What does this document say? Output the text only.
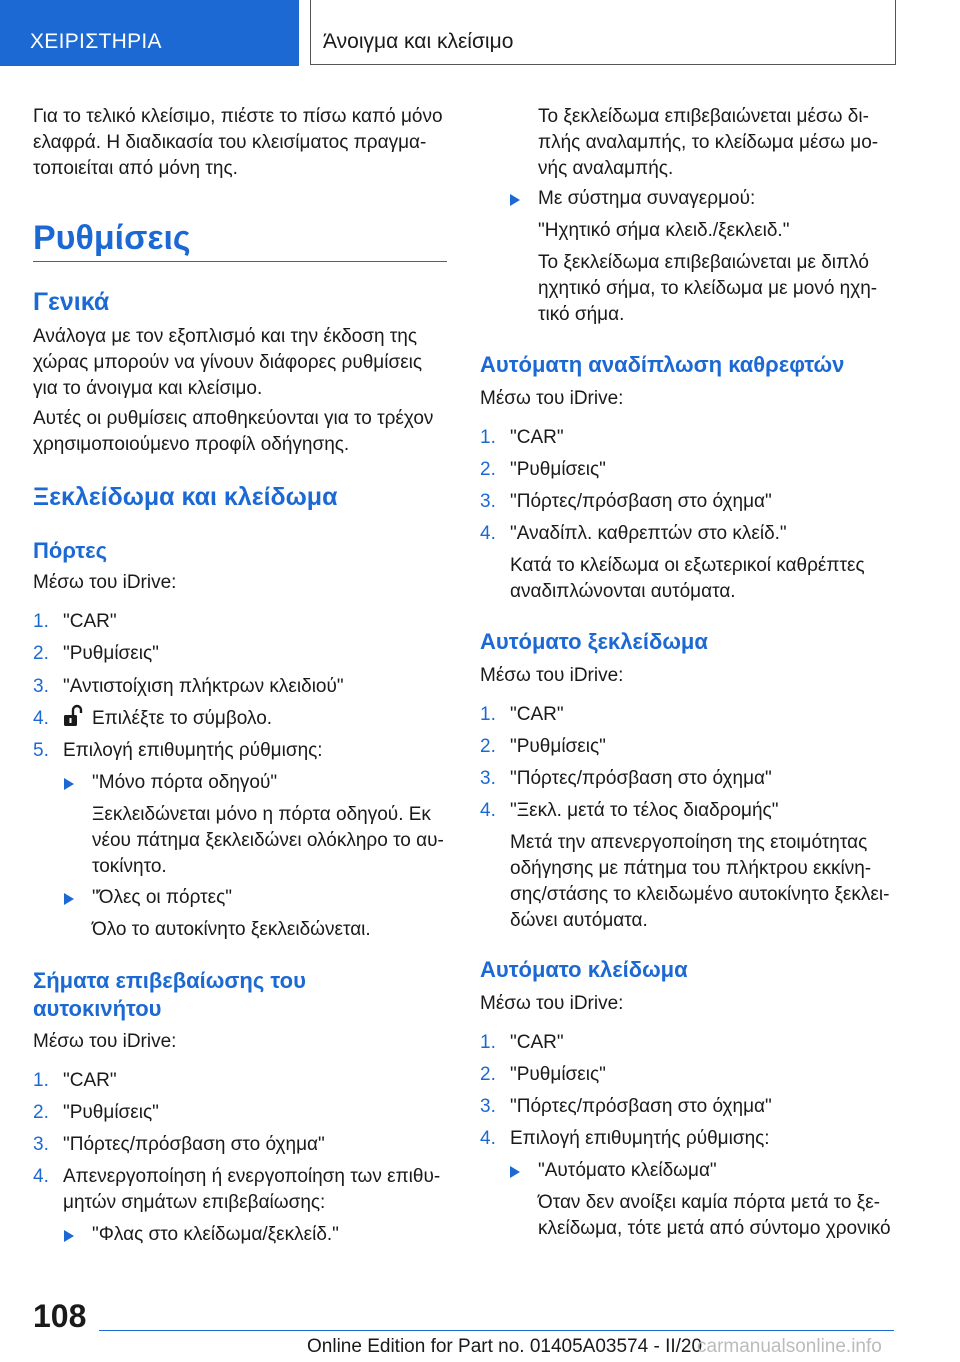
ΧΕΙΡΙΣΤΗΡΙΑ	Άνοιγμα και κλείσιμο

Για το τελικό κλείσιμο, πιέστε το πίσω καπό μόνο

ελαφρά. Η διαδικασία του κλεισίματος πραγμα-

τοποιείται από μόνη της.

Ρυθμίσεις
Γενικά

Ανάλογα με τον εξοπλισμό και την έκδοση της

χώρας μπορούν να γίνουν διάφορες ρυθμίσεις

για το άνοιγμα και κλείσιμο.

Αυτές οι ρυθμίσεις αποθηκεύονται για το τρέχον

χρησιμοποιούμενο προφίλ οδήγησης.

Ξεκλείδωμα και κλείδωμα
Πόρτες

Μέσω του iDrive:

1. "CAR"

2. "Ρυθμίσεις"

3. "Αντιστοίχιση πλήκτρων κλειδιού"

4. Επιλέξτε το σύμβολο.

5. Επιλογή επιθυμητής ρύθμισης:

"Μόνο πόρτα οδηγού"

Ξεκλειδώνεται μόνο η πόρτα οδηγού. Εκ

νέου πάτημα ξεκλειδώνει ολόκληρο το αυ-

τοκίνητο.

"Όλες οι πόρτες"

Όλο το αυτοκίνητο ξεκλειδώνεται.

Σήματα επιβεβαίωσης του
αυτοκινήτου

Μέσω του iDrive:

1. "CAR"

2. "Ρυθμίσεις"

3. "Πόρτες/πρόσβαση στο όχημα"

4. Απενεργοποίηση ή ενεργοποίηση των επιθυ-

μητών σημάτων επιβεβαίωσης:

"Φλας στο κλείδωμα/ξεκλείδ."

Το ξεκλείδωμα επιβεβαιώνεται μέσω δι-

πλής αναλαμπής, το κλείδωμα μέσω μο-

νής αναλαμπής.

Με σύστημα συναγερμού:

"Ηχητικό σήμα κλειδ./ξεκλειδ."

Το ξεκλείδωμα επιβεβαιώνεται με διπλό

ηχητικό σήμα, το κλείδωμα με μονό ηχη-

τικό σήμα.

Αυτόματη αναδίπλωση καθρεφτών

Μέσω του iDrive:

1. "CAR"

2. "Ρυθμίσεις"

3. "Πόρτες/πρόσβαση στο όχημα"

4. "Αναδίπλ. καθρεπτών στο κλείδ."

Κατά το κλείδωμα οι εξωτερικοί καθρέπτες

αναδιπλώνονται αυτόματα.

Αυτόματο ξεκλείδωμα

Μέσω του iDrive:

1. "CAR"

2. "Ρυθμίσεις"

3. "Πόρτες/πρόσβαση στο όχημα"

4. "Ξεκλ. μετά το τέλος διαδρομής"

Μετά την απενεργοποίηση της ετοιμότητας

οδήγησης με πάτημα του πλήκτρου εκκίνη-

σης/στάσης το κλειδωμένο αυτοκίνητο ξεκλει-

δώνει αυτόματα.

Αυτόματο κλείδωμα

Μέσω του iDrive:

1. "CAR"

2. "Ρυθμίσεις"

3. "Πόρτες/πρόσβαση στο όχημα"

4. Επιλογή επιθυμητής ρύθμισης:

"Αυτόματο κλείδωμα"

Όταν δεν ανοίξει καμία πόρτα μετά το ξε-

κλείδωμα, τότε μετά από σύντομο χρονικό

108
Online Edition for Part no. 01405A03574 - II/20
carmanualsonline.info
